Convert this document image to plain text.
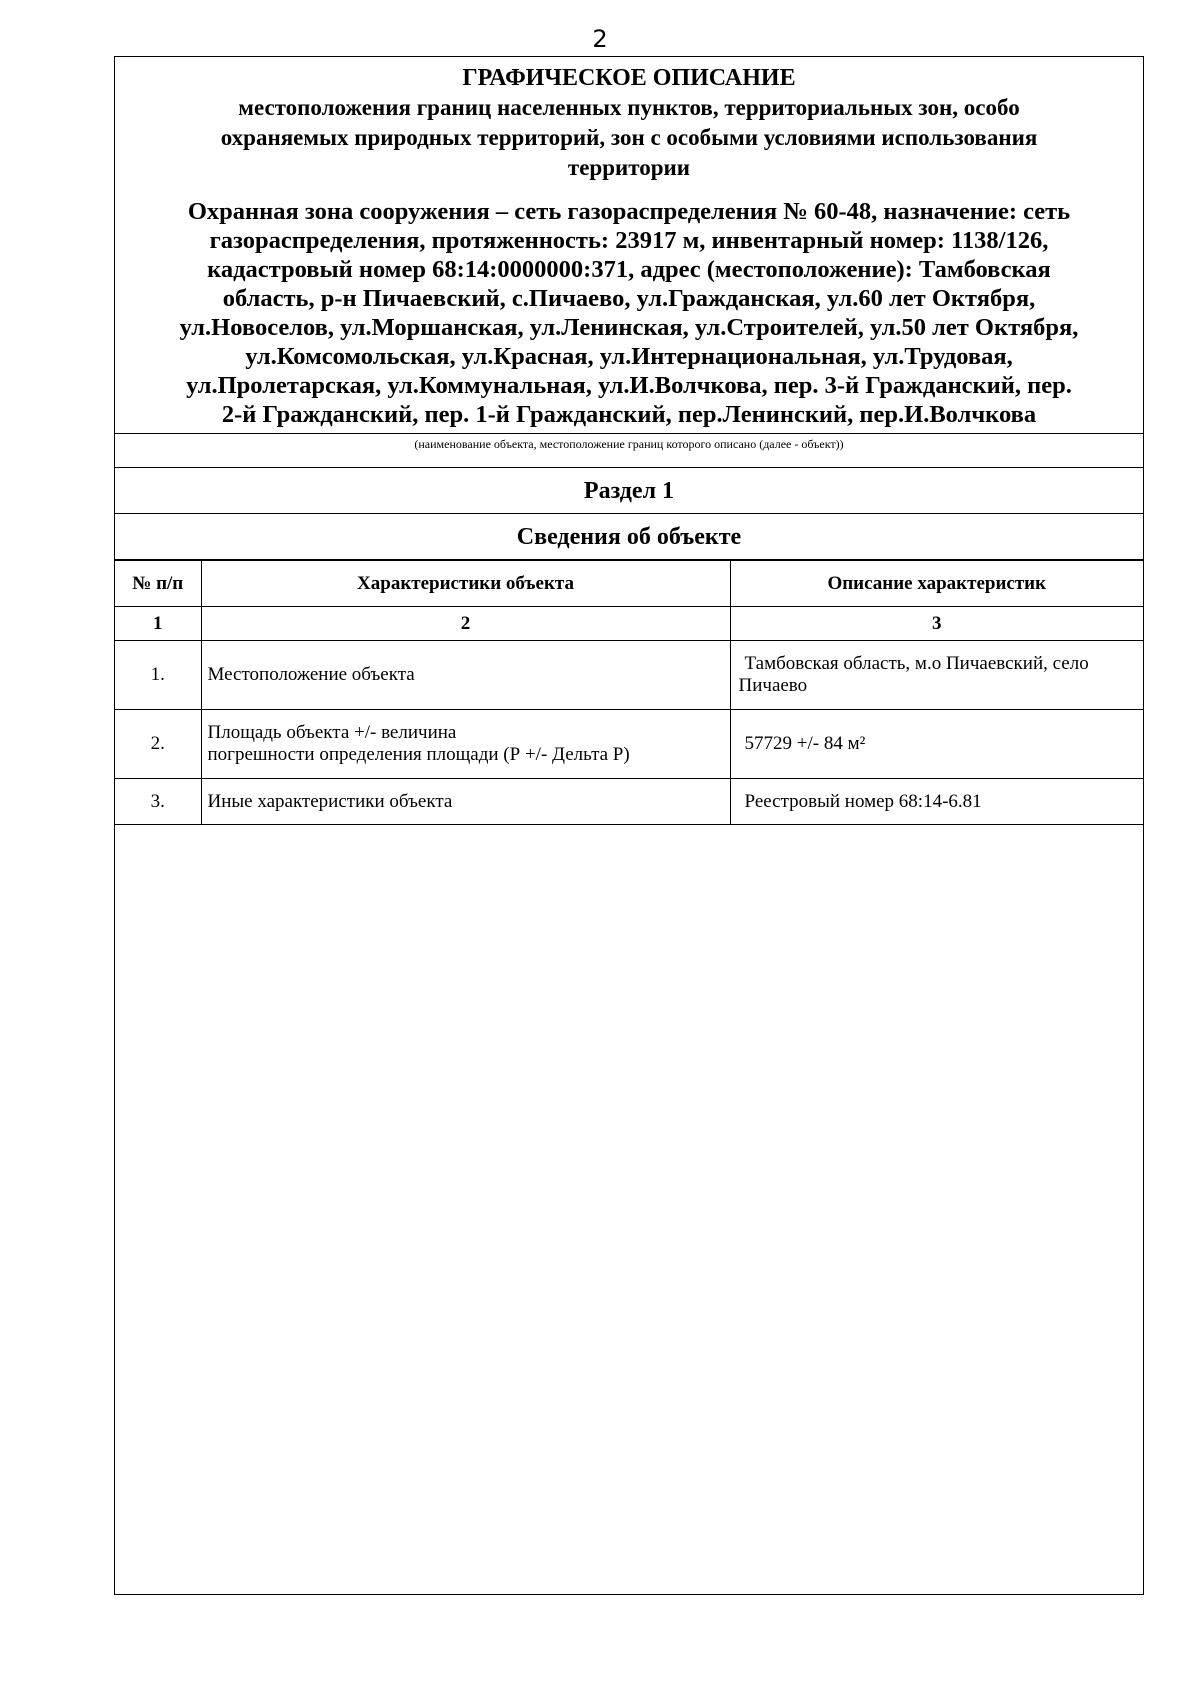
2
ГРАФИЧЕСКОЕ ОПИСАНИЕ
местоположения границ населенных пунктов, территориальных зон, особо
охраняемых природных территорий, зон с особыми условиями использования
территории
Охранная зона сооружения – сеть газораспределения № 60-48, назначение: сеть
газораспределения, протяженность: 23917 м, инвентарный номер: 1138/126,
кадастровый номер 68:14:0000000:371, адрес (местоположение): Тамбовская
область, р-н Пичаевский, с.Пичаево, ул.Гражданская, ул.60 лет Октября,
ул.Новоселов, ул.Моршанская, ул.Ленинская, ул.Строителей, ул.50 лет Октября,
ул.Комсомольская, ул.Красная, ул.Интернациональная, ул.Трудовая,
ул.Пролетарская, ул.Коммунальная, ул.И.Волчкова, пер. 3-й Гражданский, пер.
2-й Гражданский, пер. 1-й Гражданский, пер.Ленинский, пер.И.Волчкова
(наименование объекта, местоположение границ которого описано (далее - объект))
Раздел 1
Сведения об объекте
№ п/п	Характеристики объекта	Описание характеристик
1	2	3
1.	Местоположение объекта	Тамбовская область, м.о Пичаевский, село
Пичаево

2.	Площадь объекта +/- величина
погрешности определения площади (Р +/- Дельта Р)	57729 +/- 84 м²

3.	Иные характеристики объекта	Реестровый номер 68:14-6.81
